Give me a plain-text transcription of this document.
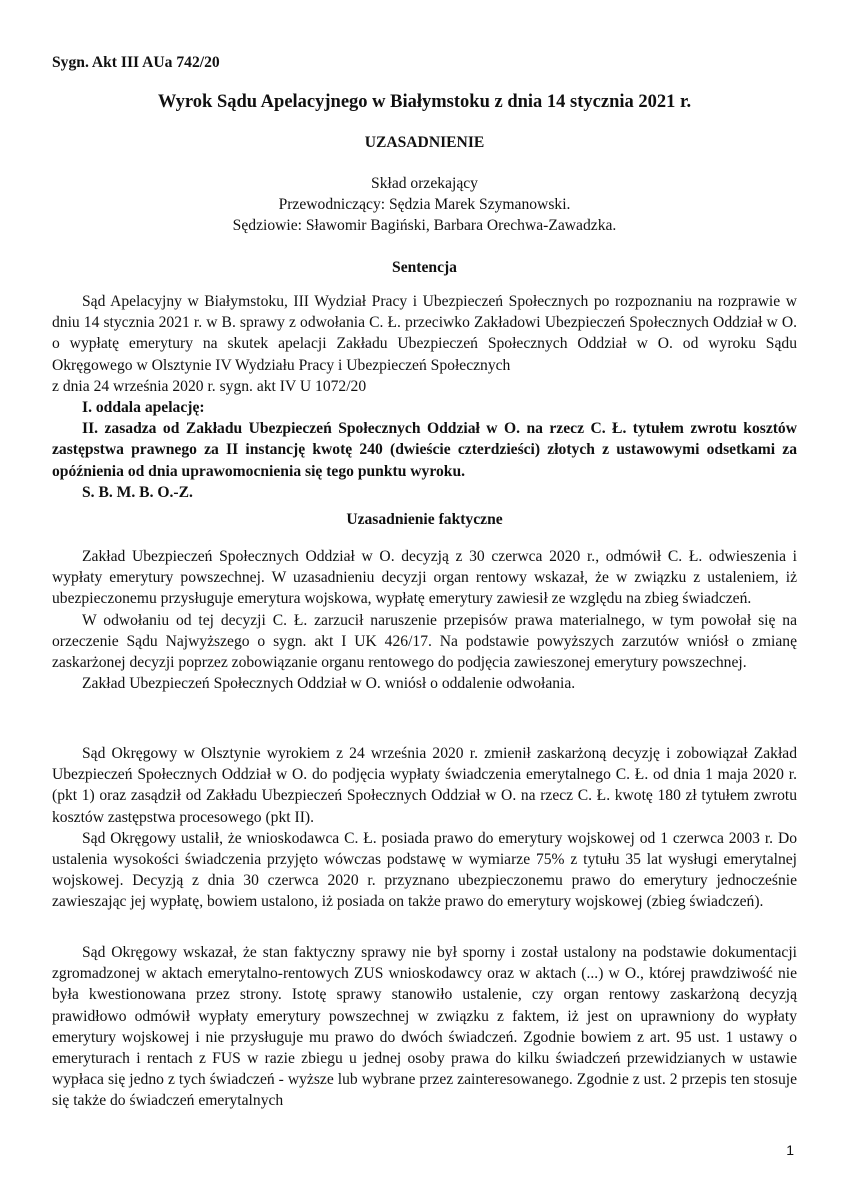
Sygn. Akt III AUa 742/20
Wyrok Sądu Apelacyjnego w Białymstoku z dnia 14 stycznia 2021 r.
UZASADNIENIE
Skład orzekający
Przewodniczący: Sędzia Marek Szymanowski.
Sędziowie: Sławomir Bagiński, Barbara Orechwa-Zawadzka.
Sentencja

Sąd Apelacyjny w Białymstoku, III Wydział Pracy i Ubezpieczeń Społecznych po rozpoznaniu na rozprawie w dniu 14 stycznia 2021 r. w B. sprawy z odwołania C. Ł. przeciwko Zakładowi Ubezpieczeń Społecznych Oddział w O. o wypłatę emerytury na skutek apelacji Zakładu Ubezpieczeń Społecznych Oddział w O. od wyroku Sądu Okręgowego w Olsztynie IV Wydziału Pracy i Ubezpieczeń Społecznych

z dnia 24 września 2020 r. sygn. akt IV U 1072/20

I. oddala apelację:

II. zasadza od Zakładu Ubezpieczeń Społecznych Oddział w O. na rzecz C. Ł. tytułem zwrotu kosztów zastępstwa prawnego za II instancję kwotę 240 (dwieście czterdzieści) złotych z ustawowymi odsetkami za opóźnienia od dnia uprawomocnienia się tego punktu wyroku.

S. B. M. B. O.-Z.

Uzasadnienie faktyczne

Zakład Ubezpieczeń Społecznych Oddział w O. decyzją z 30 czerwca 2020 r., odmówił C. Ł. odwieszenia i wypłaty emerytury powszechnej. W uzasadnieniu decyzji organ rentowy wskazał, że w związku z ustaleniem, iż ubezpieczonemu przysługuje emerytura wojskowa, wypłatę emerytury zawiesił ze względu na zbieg świadczeń.

W odwołaniu od tej decyzji C. Ł. zarzucił naruszenie przepisów prawa materialnego, w tym powołał się na orzeczenie Sądu Najwyższego o sygn. akt I UK 426/17. Na podstawie powyższych zarzutów wniósł o zmianę zaskarżonej decyzji poprzez zobowiązanie organu rentowego do podjęcia zawieszonej emerytury powszechnej.

Zakład Ubezpieczeń Społecznych Oddział w O. wniósł o oddalenie odwołania.

Sąd Okręgowy w Olsztynie wyrokiem z 24 września 2020 r. zmienił zaskarżoną decyzję i zobowiązał Zakład Ubezpieczeń Społecznych Oddział w O. do podjęcia wypłaty świadczenia emerytalnego C. Ł. od dnia 1 maja 2020 r. (pkt 1) oraz zasądził od Zakładu Ubezpieczeń Społecznych Oddział w O. na rzecz C. Ł. kwotę 180 zł tytułem zwrotu kosztów zastępstwa procesowego (pkt II).

Sąd Okręgowy ustalił, że wnioskodawca C. Ł. posiada prawo do emerytury wojskowej od 1 czerwca 2003 r. Do ustalenia wysokości świadczenia przyjęto wówczas podstawę w wymiarze 75% z tytułu 35 lat wysługi emerytalnej wojskowej. Decyzją z dnia 30 czerwca 2020 r. przyznano ubezpieczonemu prawo do emerytury jednocześnie zawieszając jej wypłatę, bowiem ustalono, iż posiada on także prawo do emerytury wojskowej (zbieg świadczeń).

Sąd Okręgowy wskazał, że stan faktyczny sprawy nie był sporny i został ustalony na podstawie dokumentacji zgromadzonej w aktach emerytalno-rentowych ZUS wnioskodawcy oraz w aktach (...) w O., której prawdziwość nie była kwestionowana przez strony. Istotę sprawy stanowiło ustalenie, czy organ rentowy zaskarżoną decyzją prawidłowo odmówił wypłaty emerytury powszechnej w związku z faktem, iż jest on uprawniony do wypłaty emerytury wojskowej i nie przysługuje mu prawo do dwóch świadczeń. Zgodnie bowiem z art. 95 ust. 1 ustawy o emeryturach i rentach z FUS w razie zbiegu u jednej osoby prawa do kilku świadczeń przewidzianych w ustawie wypłaca się jedno z tych świadczeń - wyższe lub wybrane przez zainteresowanego. Zgodnie z ust. 2 przepis ten stosuje się także do świadczeń emerytalnych

1
